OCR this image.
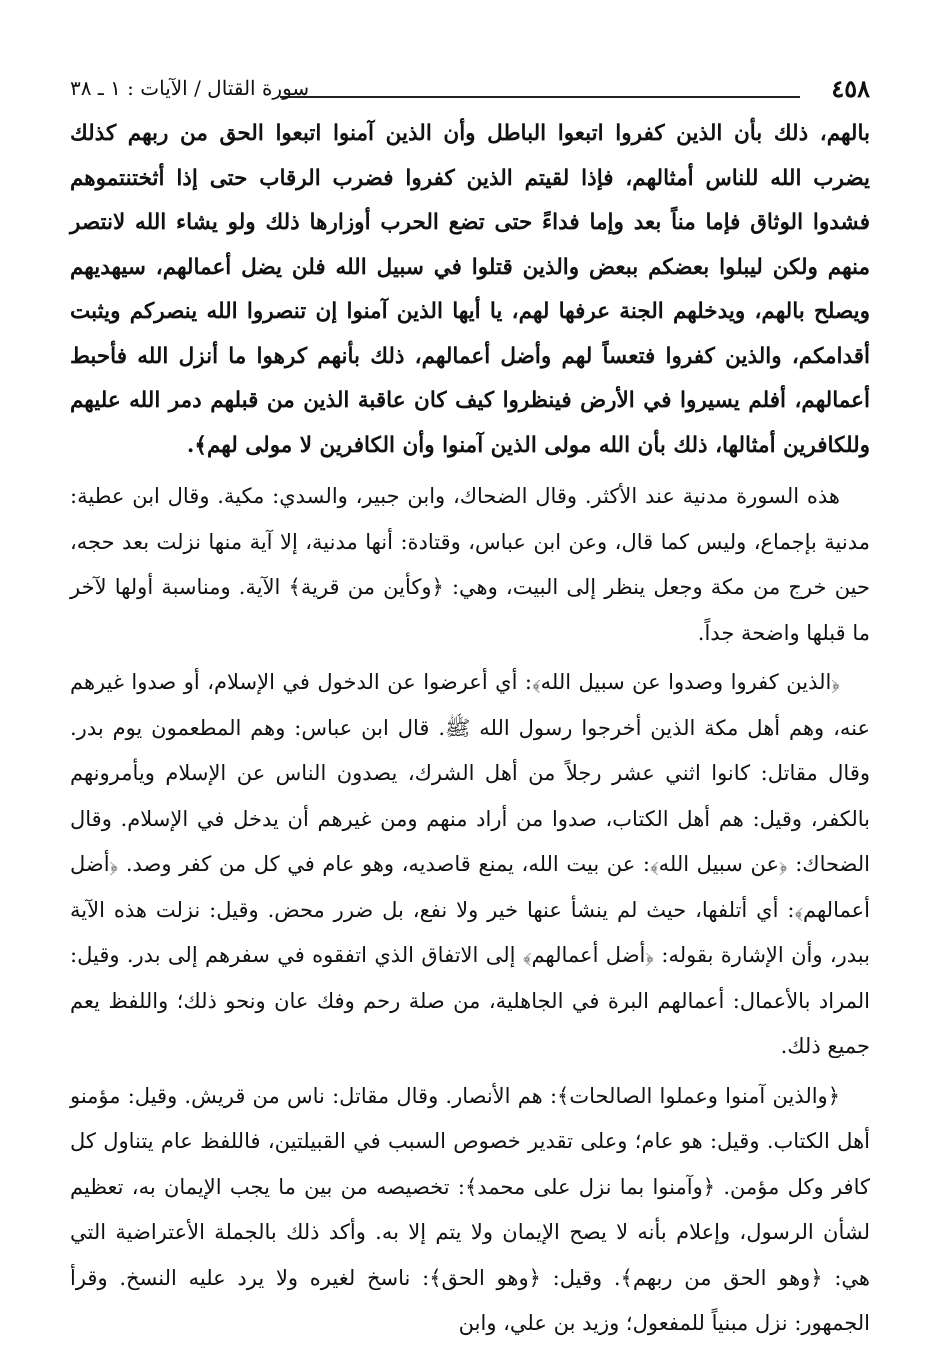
٤٥٨
سورة القتال / الآيات : ١ ـ ٣٨

بالهم، ذلك بأن الذين كفروا اتبعوا الباطل وأن الذين آمنوا اتبعوا الحق من ربهم كذلك يضرب الله للناس أمثالهم، فإذا لقيتم الذين كفروا فضرب الرقاب حتى إذا أثختنتموهم فشدوا الوثاق فإما مناً بعد وإما فداءً حتى تضع الحرب أوزارها ذلك ولو يشاء الله لانتصر منهم ولكن ليبلوا بعضكم ببعض والذين قتلوا في سبيل الله فلن يضل أعمالهم، سيهديهم ويصلح بالهم، ويدخلهم الجنة عرفها لهم، يا أيها الذين آمنوا إن تنصروا الله ينصركم ويثبت أقدامكم، والذين كفروا فتعساً لهم وأضل أعمالهم، ذلك بأنهم كرهوا ما أنزل الله فأحبط أعمالهم، أفلم يسيروا في الأرض فينظروا كيف كان عاقبة الذين من قبلهم دمر الله عليهم وللكافرين أمثالها، ذلك بأن الله مولى الذين آمنوا وأن الكافرين لا مولى لهم﴾.

هذه السورة مدنية عند الأكثر. وقال الضحاك، وابن جبير، والسدي: مكية. وقال ابن عطية: مدنية بإجماع، وليس كما قال، وعن ابن عباس، وقتادة: أنها مدنية، إلا آية منها نزلت بعد حجه، حين خرج من مكة وجعل ينظر إلى البيت، وهي: ﴿وكأين من قرية﴾ الآية. ومناسبة أولها لآخر ما قبلها واضحة جداً.

﴿الذين كفروا وصدوا عن سبيل الله﴾: أي أعرضوا عن الدخول في الإسلام، أو صدوا غيرهم عنه، وهم أهل مكة الذين أخرجوا رسول الله ﷺ. قال ابن عباس: وهم المطعمون يوم بدر. وقال مقاتل: كانوا اثني عشر رجلاً من أهل الشرك، يصدون الناس عن الإسلام ويأمرونهم بالكفر، وقيل: هم أهل الكتاب، صدوا من أراد منهم ومن غيرهم أن يدخل في الإسلام. وقال الضحاك: ﴿عن سبيل الله﴾: عن بيت الله، يمنع قاصديه، وهو عام في كل من كفر وصد. ﴿أضل أعمالهم﴾: أي أتلفها، حيث لم ينشأ عنها خير ولا نفع، بل ضرر محض. وقيل: نزلت هذه الآية ببدر، وأن الإشارة بقوله: ﴿أضل أعمالهم﴾ إلى الاتفاق الذي اتفقوه في سفرهم إلى بدر. وقيل: المراد بالأعمال: أعمالهم البرة في الجاهلية، من صلة رحم وفك عان ونحو ذلك؛ واللفظ يعم جميع ذلك.

﴿والذين آمنوا وعملوا الصالحات﴾: هم الأنصار. وقال مقاتل: ناس من قريش. وقيل: مؤمنو أهل الكتاب. وقيل: هو عام؛ وعلى تقدير خصوص السبب في القبيلتين، فاللفظ عام يتناول كل كافر وكل مؤمن. ﴿وآمنوا بما نزل على محمد﴾: تخصيصه من بين ما يجب الإيمان به، تعظيم لشأن الرسول، وإعلام بأنه لا يصح الإيمان ولا يتم إلا به. وأكد ذلك بالجملة الأعتراضية التي هي: ﴿وهو الحق من ربهم﴾. وقيل: ﴿وهو الحق﴾: ناسخ لغيره ولا يرد عليه النسخ. وقرأ الجمهور: نزل مبنياً للمفعول؛ وزيد بن علي، وابن
